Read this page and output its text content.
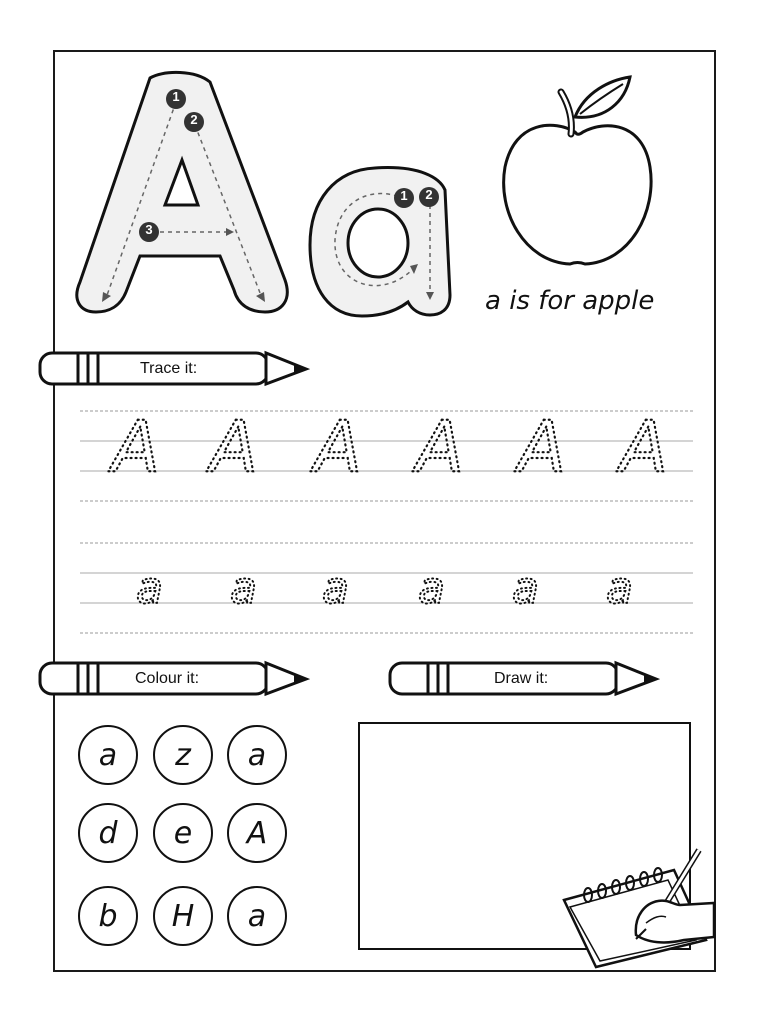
1
2
3
1 2
a is for apple
Trace it:
A A A A A A
a a a a a a
Colour it:	Draw it:
a	z	a
d	e	A
b	H	a
